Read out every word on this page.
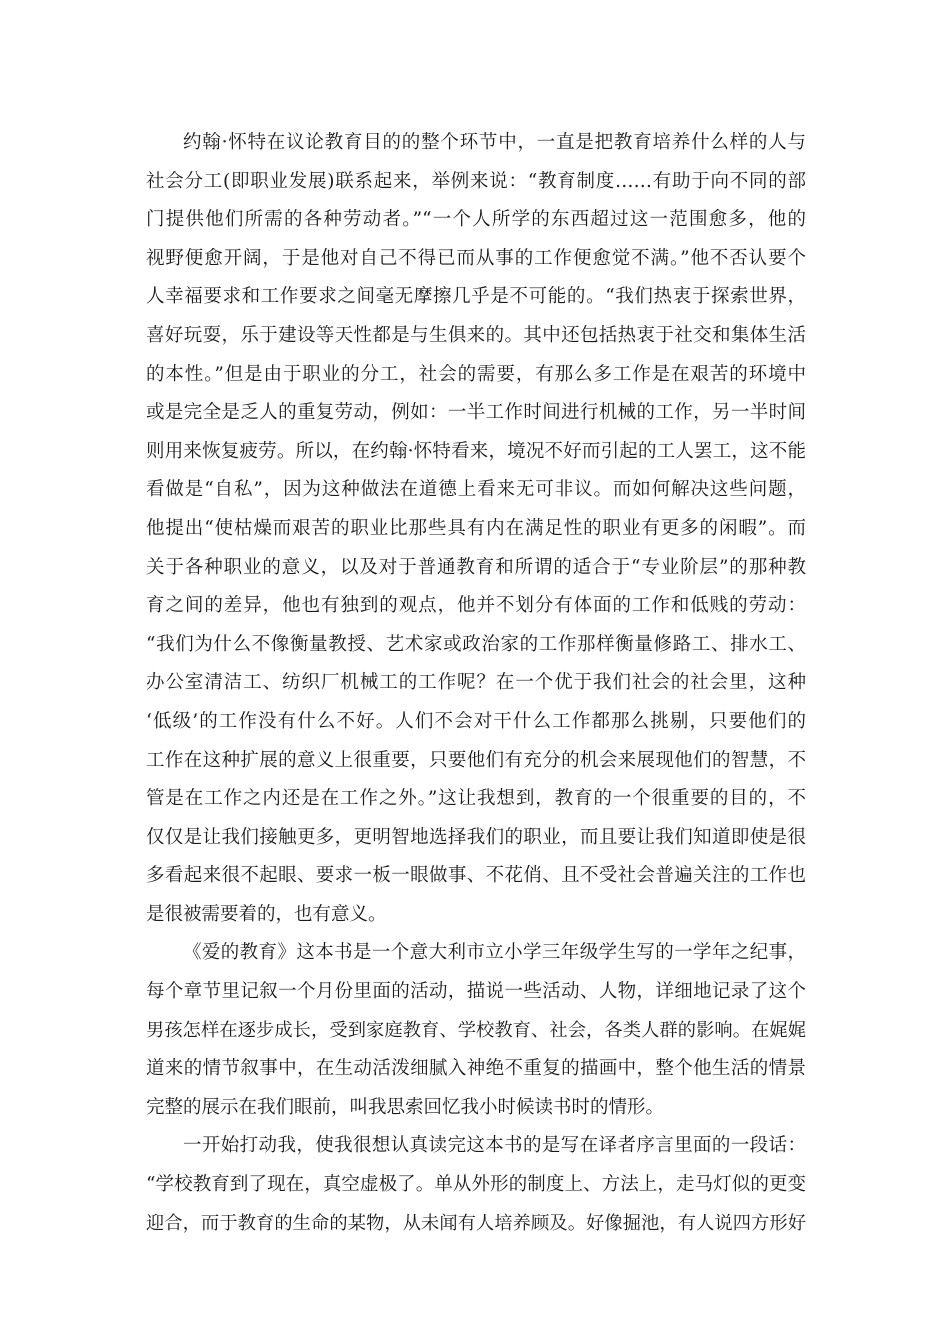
约翰·怀特在议论教育目的的整个环节中，一直是把教育培养什么样的人与
社会分工(即职业发展)联系起来，举例来说：“教育制度……有助于向不同的部
门提供他们所需的各种劳动者。”“一个人所学的东西超过这一范围愈多，他的
视野便愈开阔，于是他对自己不得已而从事的工作便愈觉不满。”他不否认要个
人幸福要求和工作要求之间毫无摩擦几乎是不可能的。“我们热衷于探索世界，
喜好玩耍，乐于建设等天性都是与生俱来的。其中还包括热衷于社交和集体生活
的本性。”但是由于职业的分工，社会的需要，有那么多工作是在艰苦的环境中
或是完全是乏人的重复劳动，例如：一半工作时间进行机械的工作，另一半时间
则用来恢复疲劳。所以，在约翰·怀特看来，境况不好而引起的工人罢工，这不能
看做是“自私”，因为这种做法在道德上看来无可非议。而如何解决这些问题，
他提出“使枯燥而艰苦的职业比那些具有内在满足性的职业有更多的闲暇”。而
关于各种职业的意义，以及对于普通教育和所谓的适合于“专业阶层”的那种教
育之间的差异，他也有独到的观点，他并不划分有体面的工作和低贱的劳动：
“我们为什么不像衡量教授、艺术家或政治家的工作那样衡量修路工、排水工、
办公室清洁工、纺织厂机械工的工作呢？在一个优于我们社会的社会里，这种
‘低级’的工作没有什么不好。人们不会对干什么工作都那么挑剔，只要他们的
工作在这种扩展的意义上很重要，只要他们有充分的机会来展现他们的智慧，不
管是在工作之内还是在工作之外。”这让我想到，教育的一个很重要的目的，不
仅仅是让我们接触更多，更明智地选择我们的职业，而且要让我们知道即使是很
多看起来很不起眼、要求一板一眼做事、不花俏、且不受社会普遍关注的工作也
是很被需要着的，也有意义。

《爱的教育》这本书是一个意大利市立小学三年级学生写的一学年之纪事，
每个章节里记叙一个月份里面的活动，描说一些活动、人物，详细地记录了这个
男孩怎样在逐步成长，受到家庭教育、学校教育、社会，各类人群的影响。在娓娓
道来的情节叙事中，在生动活泼细腻入神绝不重复的描画中，整个他生活的情景
完整的展示在我们眼前，叫我思索回忆我小时候读书时的情形。

一开始打动我，使我很想认真读完这本书的是写在译者序言里面的一段话：
“学校教育到了现在，真空虚极了。单从外形的制度上、方法上，走马灯似的更变
迎合，而于教育的生命的某物，从未闻有人培养顾及。好像掘池，有人说四方形好
